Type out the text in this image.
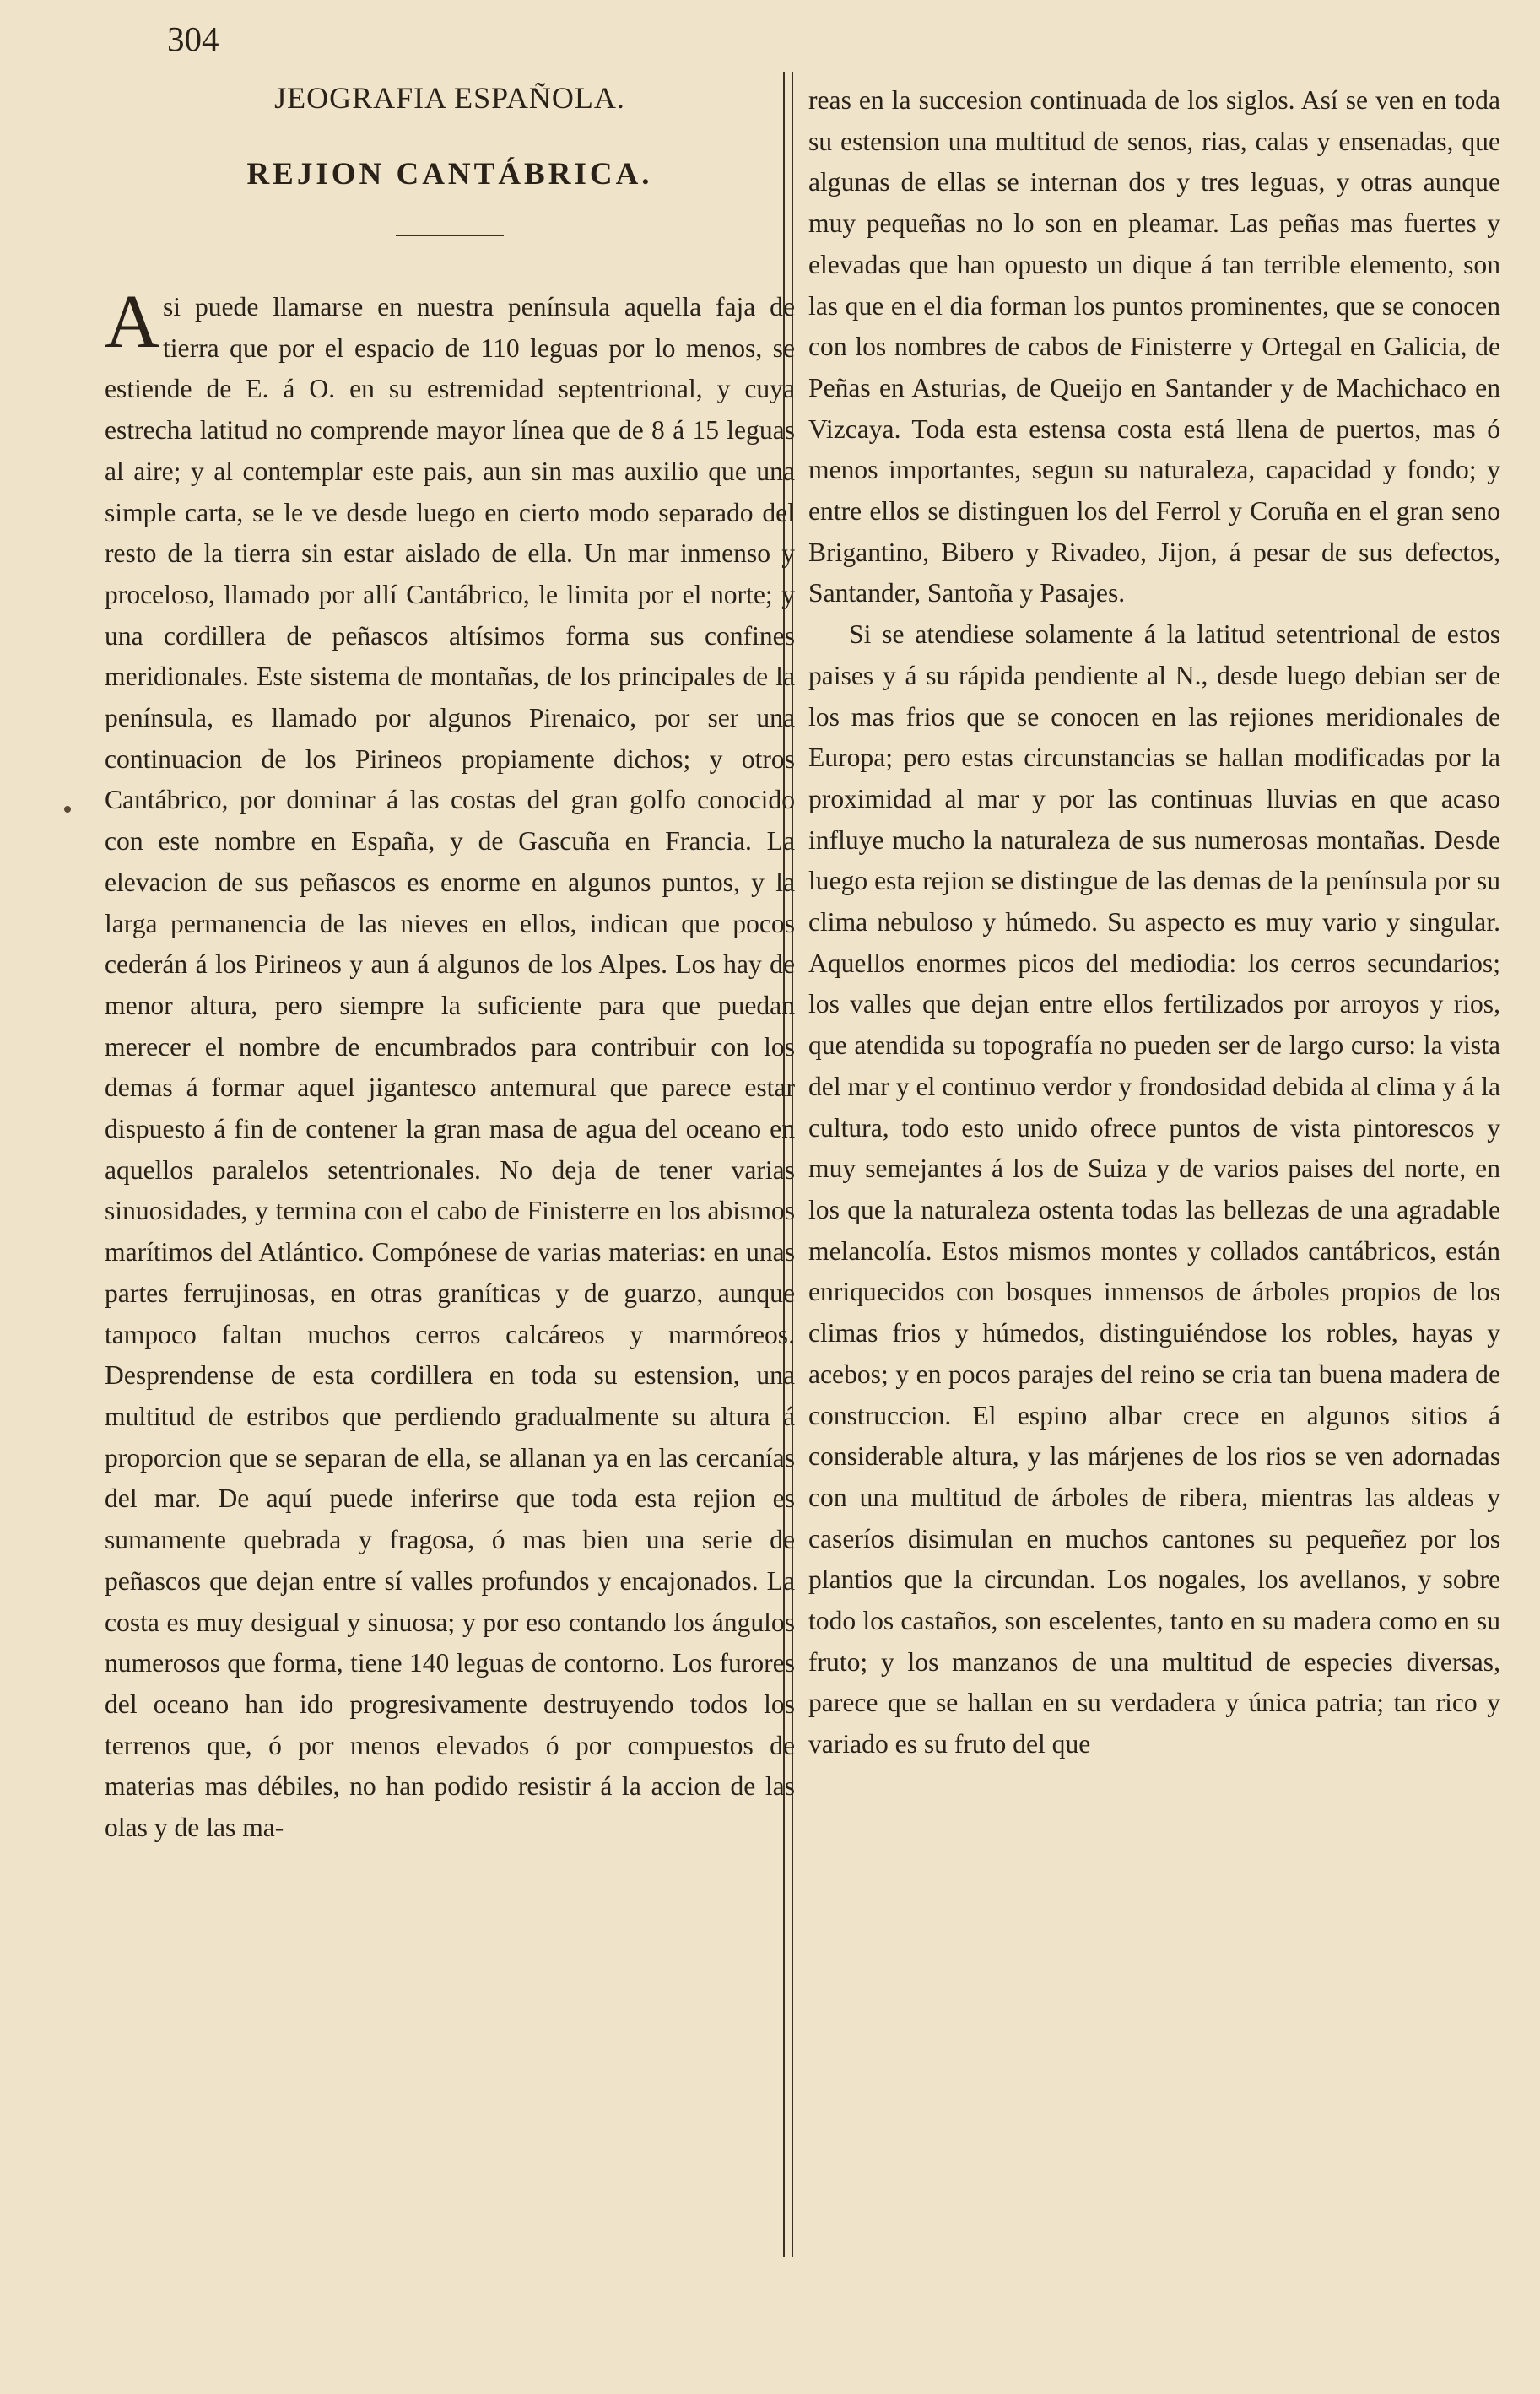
304
JEOGRAFIA ESPAÑOLA.
REJION CANTÁBRICA.

Asi puede llamarse en nuestra península aquella faja de tierra que por el espacio de 110 leguas por lo menos, se estiende de E. á O. en su estremidad septentrional, y cuya estrecha latitud no comprende mayor línea que de 8 á 15 leguas al aire; y al contemplar este pais, aun sin mas auxilio que una simple carta, se le ve desde luego en cierto modo separado del resto de la tierra sin estar aislado de ella. Un mar inmenso y proceloso, llamado por allí Cantábrico, le limita por el norte; y una cordillera de peñascos altísimos forma sus confines meridionales. Este sistema de montañas, de los principales de la península, es llamado por algunos Pirenaico, por ser una continuacion de los Pirineos propiamente dichos; y otros Cantábrico, por dominar á las costas del gran golfo conocido con este nombre en España, y de Gascuña en Francia. La elevacion de sus peñascos es enorme en algunos puntos, y la larga permanencia de las nieves en ellos, indican que pocos cederán á los Pirineos y aun á algunos de los Alpes. Los hay de menor altura, pero siempre la suficiente para que puedan merecer el nombre de encumbrados para contribuir con los demas á formar aquel jigantesco antemural que parece estar dispuesto á fin de contener la gran masa de agua del oceano en aquellos paralelos setentrionales. No deja de tener varias sinuosidades, y termina con el cabo de Finisterre en los abismos marítimos del Atlántico. Compónese de varias materias: en unas partes ferrujinosas, en otras graníticas y de guarzo, aunque tampoco faltan muchos cerros calcáreos y marmóreos. Desprendense de esta cordillera en toda su estension, una multitud de estribos que perdiendo gradualmente su altura á proporcion que se separan de ella, se allanan ya en las cercanías del mar. De aquí puede inferirse que toda esta rejion es sumamente quebrada y fragosa, ó mas bien una serie de peñascos que dejan entre sí valles profundos y encajonados. La costa es muy desigual y sinuosa; y por eso contando los ángulos numerosos que forma, tiene 140 leguas de contorno. Los furores del oceano han ido progresivamente destruyendo todos los terrenos que, ó por menos elevados ó por compuestos de materias mas débiles, no han podido resistir á la accion de las olas y de las ma-

reas en la succesion continuada de los siglos. Así se ven en toda su estension una multitud de senos, rias, calas y ensenadas, que algunas de ellas se internan dos y tres leguas, y otras aunque muy pequeñas no lo son en pleamar. Las peñas mas fuertes y elevadas que han opuesto un dique á tan terrible elemento, son las que en el dia forman los puntos prominentes, que se conocen con los nombres de cabos de Finisterre y Ortegal en Galicia, de Peñas en Asturias, de Queijo en Santander y de Machichaco en Vizcaya. Toda esta estensa costa está llena de puertos, mas ó menos importantes, segun su naturaleza, capacidad y fondo; y entre ellos se distinguen los del Ferrol y Coruña en el gran seno Brigantino, Bibero y Rivadeo, Jijon, á pesar de sus defectos, Santander, Santoña y Pasajes.

Si se atendiese solamente á la latitud setentrional de estos paises y á su rápida pendiente al N., desde luego debian ser de los mas frios que se conocen en las rejiones meridionales de Europa; pero estas circunstancias se hallan modificadas por la proximidad al mar y por las continuas lluvias en que acaso influye mucho la naturaleza de sus numerosas montañas. Desde luego esta rejion se distingue de las demas de la península por su clima nebuloso y húmedo. Su aspecto es muy vario y singular. Aquellos enormes picos del mediodia: los cerros secundarios; los valles que dejan entre ellos fertilizados por arroyos y rios, que atendida su topografía no pueden ser de largo curso: la vista del mar y el continuo verdor y frondosidad debida al clima y á la cultura, todo esto unido ofrece puntos de vista pintorescos y muy semejantes á los de Suiza y de varios paises del norte, en los que la naturaleza ostenta todas las bellezas de una agradable melancolía. Estos mismos montes y collados cantábricos, están enriquecidos con bosques inmensos de árboles propios de los climas frios y húmedos, distinguiéndose los robles, hayas y acebos; y en pocos parajes del reino se cria tan buena madera de construccion. El espino albar crece en algunos sitios á considerable altura, y las márjenes de los rios se ven adornadas con una multitud de árboles de ribera, mientras las aldeas y caseríos disimulan en muchos cantones su pequeñez por los plantios que la circundan. Los nogales, los avellanos, y sobre todo los castaños, son escelentes, tanto en su madera como en su fruto; y los manzanos de una multitud de especies diversas, parece que se hallan en su verdadera y única patria; tan rico y variado es su fruto del que
